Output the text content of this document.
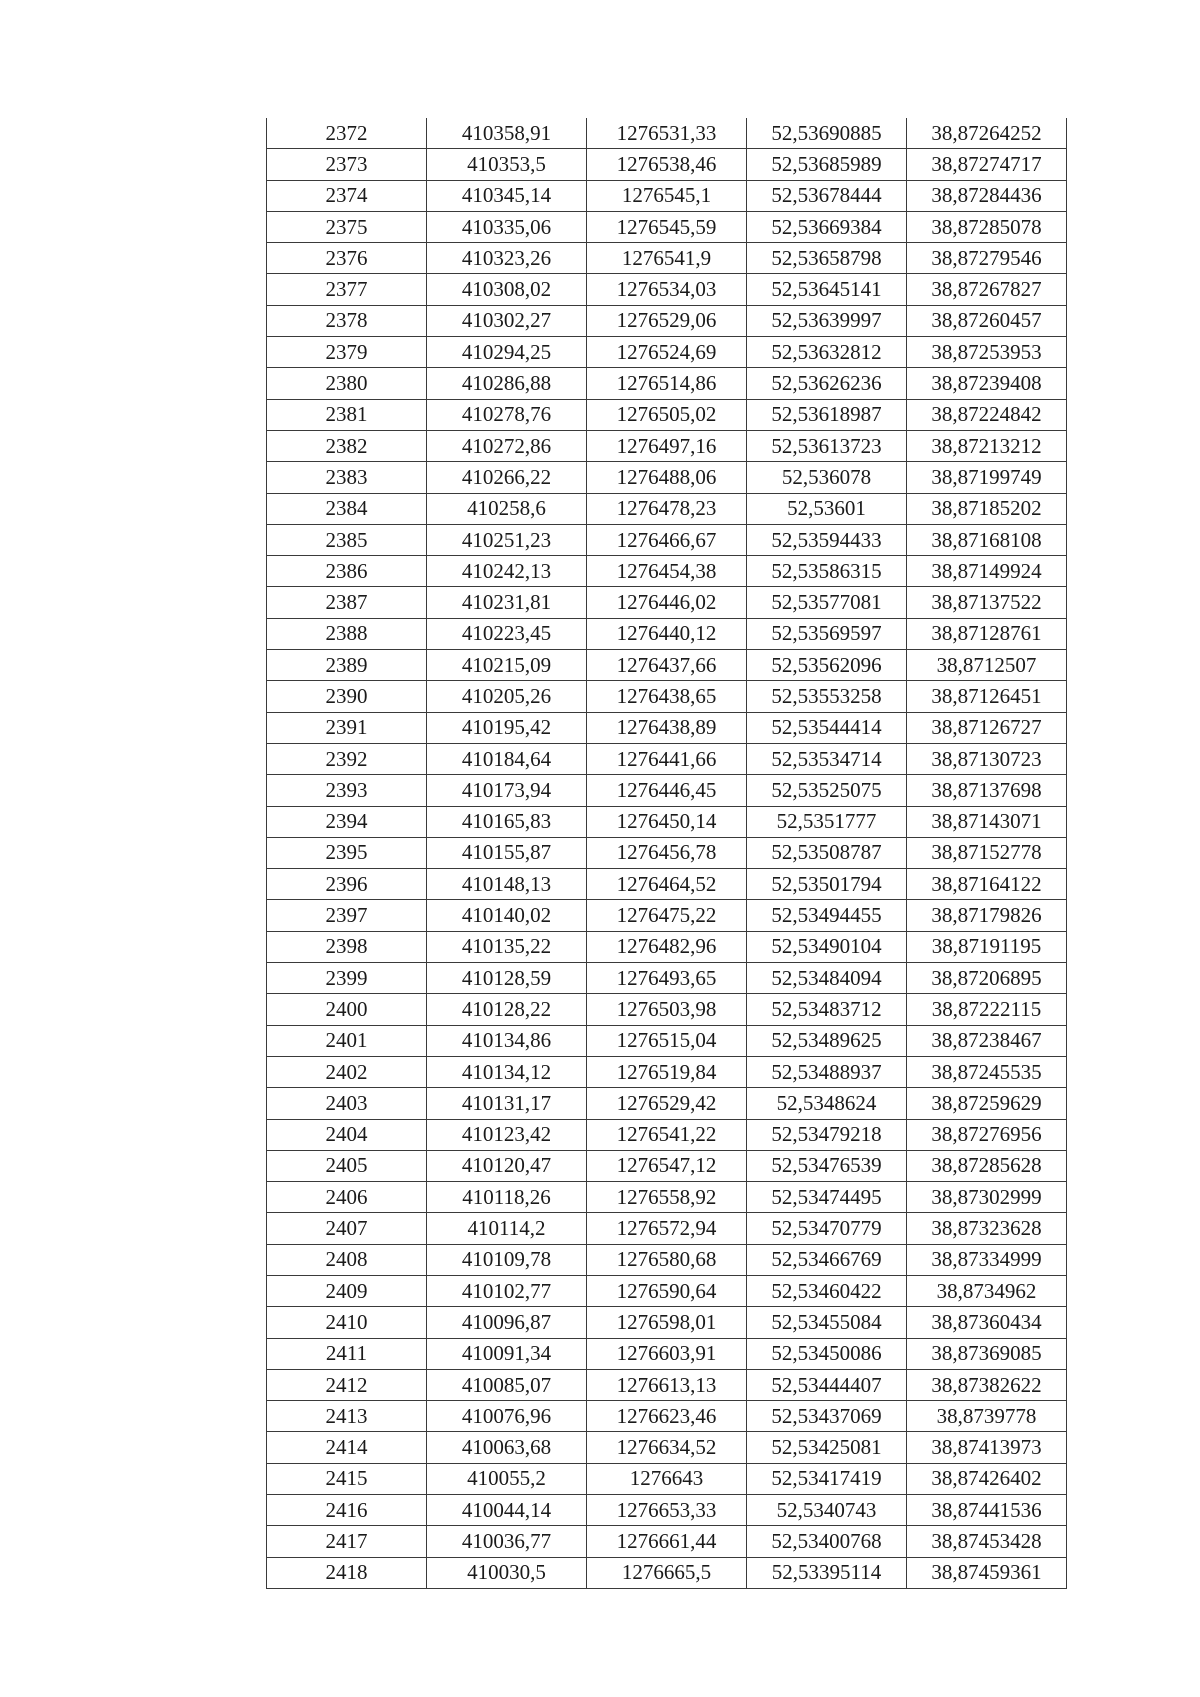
2372	410358,91	1276531,33	52,53690885	38,87264252
2373	410353,5	1276538,46	52,53685989	38,87274717
2374	410345,14	1276545,1	52,53678444	38,87284436
2375	410335,06	1276545,59	52,53669384	38,87285078
2376	410323,26	1276541,9	52,53658798	38,87279546
2377	410308,02	1276534,03	52,53645141	38,87267827
2378	410302,27	1276529,06	52,53639997	38,87260457
2379	410294,25	1276524,69	52,53632812	38,87253953
2380	410286,88	1276514,86	52,53626236	38,87239408
2381	410278,76	1276505,02	52,53618987	38,87224842
2382	410272,86	1276497,16	52,53613723	38,87213212
2383	410266,22	1276488,06	52,536078	38,87199749
2384	410258,6	1276478,23	52,53601	38,87185202
2385	410251,23	1276466,67	52,53594433	38,87168108
2386	410242,13	1276454,38	52,53586315	38,87149924
2387	410231,81	1276446,02	52,53577081	38,87137522
2388	410223,45	1276440,12	52,53569597	38,87128761
2389	410215,09	1276437,66	52,53562096	38,8712507
2390	410205,26	1276438,65	52,53553258	38,87126451
2391	410195,42	1276438,89	52,53544414	38,87126727
2392	410184,64	1276441,66	52,53534714	38,87130723
2393	410173,94	1276446,45	52,53525075	38,87137698
2394	410165,83	1276450,14	52,5351777	38,87143071
2395	410155,87	1276456,78	52,53508787	38,87152778
2396	410148,13	1276464,52	52,53501794	38,87164122
2397	410140,02	1276475,22	52,53494455	38,87179826
2398	410135,22	1276482,96	52,53490104	38,87191195
2399	410128,59	1276493,65	52,53484094	38,87206895
2400	410128,22	1276503,98	52,53483712	38,87222115
2401	410134,86	1276515,04	52,53489625	38,87238467
2402	410134,12	1276519,84	52,53488937	38,87245535
2403	410131,17	1276529,42	52,5348624	38,87259629
2404	410123,42	1276541,22	52,53479218	38,87276956
2405	410120,47	1276547,12	52,53476539	38,87285628
2406	410118,26	1276558,92	52,53474495	38,87302999
2407	410114,2	1276572,94	52,53470779	38,87323628
2408	410109,78	1276580,68	52,53466769	38,87334999
2409	410102,77	1276590,64	52,53460422	38,8734962
2410	410096,87	1276598,01	52,53455084	38,87360434
2411	410091,34	1276603,91	52,53450086	38,87369085
2412	410085,07	1276613,13	52,53444407	38,87382622
2413	410076,96	1276623,46	52,53437069	38,8739778
2414	410063,68	1276634,52	52,53425081	38,87413973
2415	410055,2	1276643	52,53417419	38,87426402
2416	410044,14	1276653,33	52,5340743	38,87441536
2417	410036,77	1276661,44	52,53400768	38,87453428
2418	410030,5	1276665,5	52,53395114	38,87459361
